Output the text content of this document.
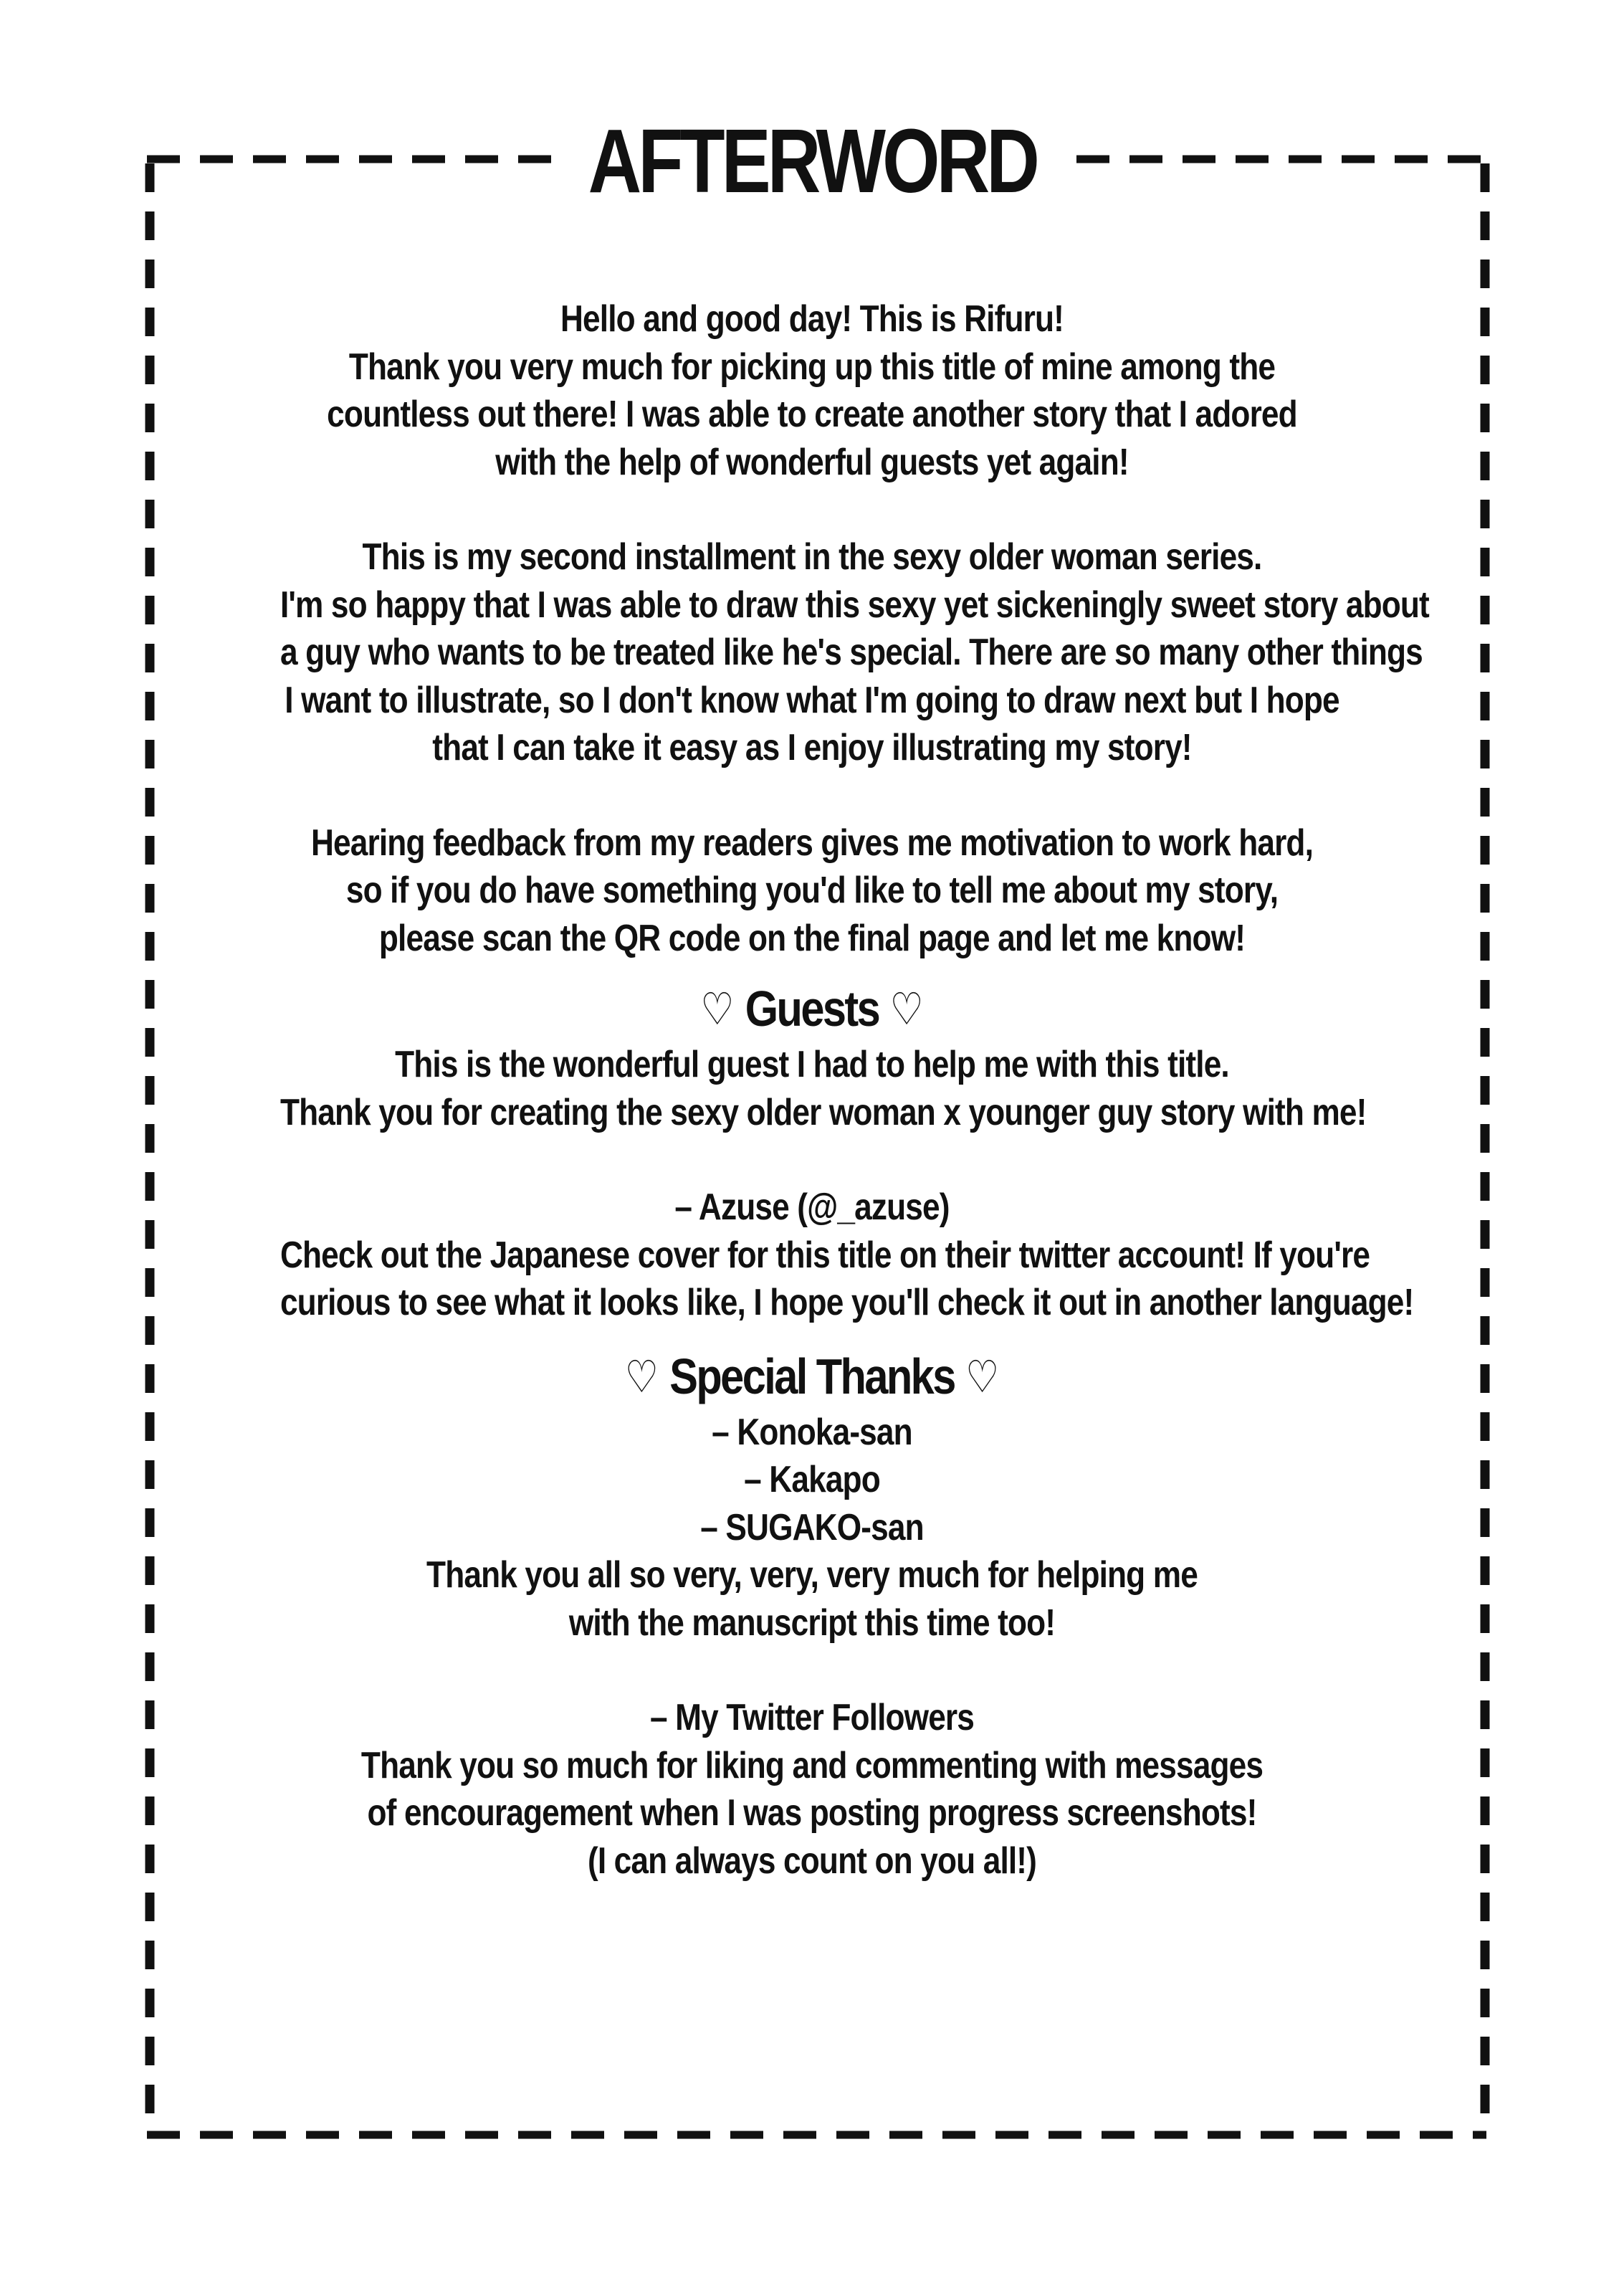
AFTERWORD
Hello and good day! This is Rifuru!
Thank you very much for picking up this title of mine among the
countless out there! I was able to create another story that I adored
with the help of wonderful guests yet again!
This is my second installment in the sexy older woman series.
I'm so happy that I was able to draw this sexy yet sickeningly sweet story about
a guy who wants to be treated like he's special. There are so many other things
I want to illustrate, so I don't know what I'm going to draw next but I hope
that I can take it easy as I enjoy illustrating my story!
Hearing feedback from my readers gives me motivation to work hard,
so if you do have something you'd like to tell me about my story,
please scan the QR code on the final page and let me know!
♡ Guests ♡
This is the wonderful guest I had to help me with this title.
Thank you for creating the sexy older woman x younger guy story with me!
– Azuse (@_azuse)
Check out the Japanese cover for this title on their twitter account! If you're
curious to see what it looks like, I hope you'll check it out in another language!
♡ Special Thanks ♡
– Konoka-san
– Kakapo
– SUGAKO-san
Thank you all so very, very, very much for helping me
with the manuscript this time too!
– My Twitter Followers
Thank you so much for liking and commenting with messages
of encouragement when I was posting progress screenshots!
(I can always count on you all!)
